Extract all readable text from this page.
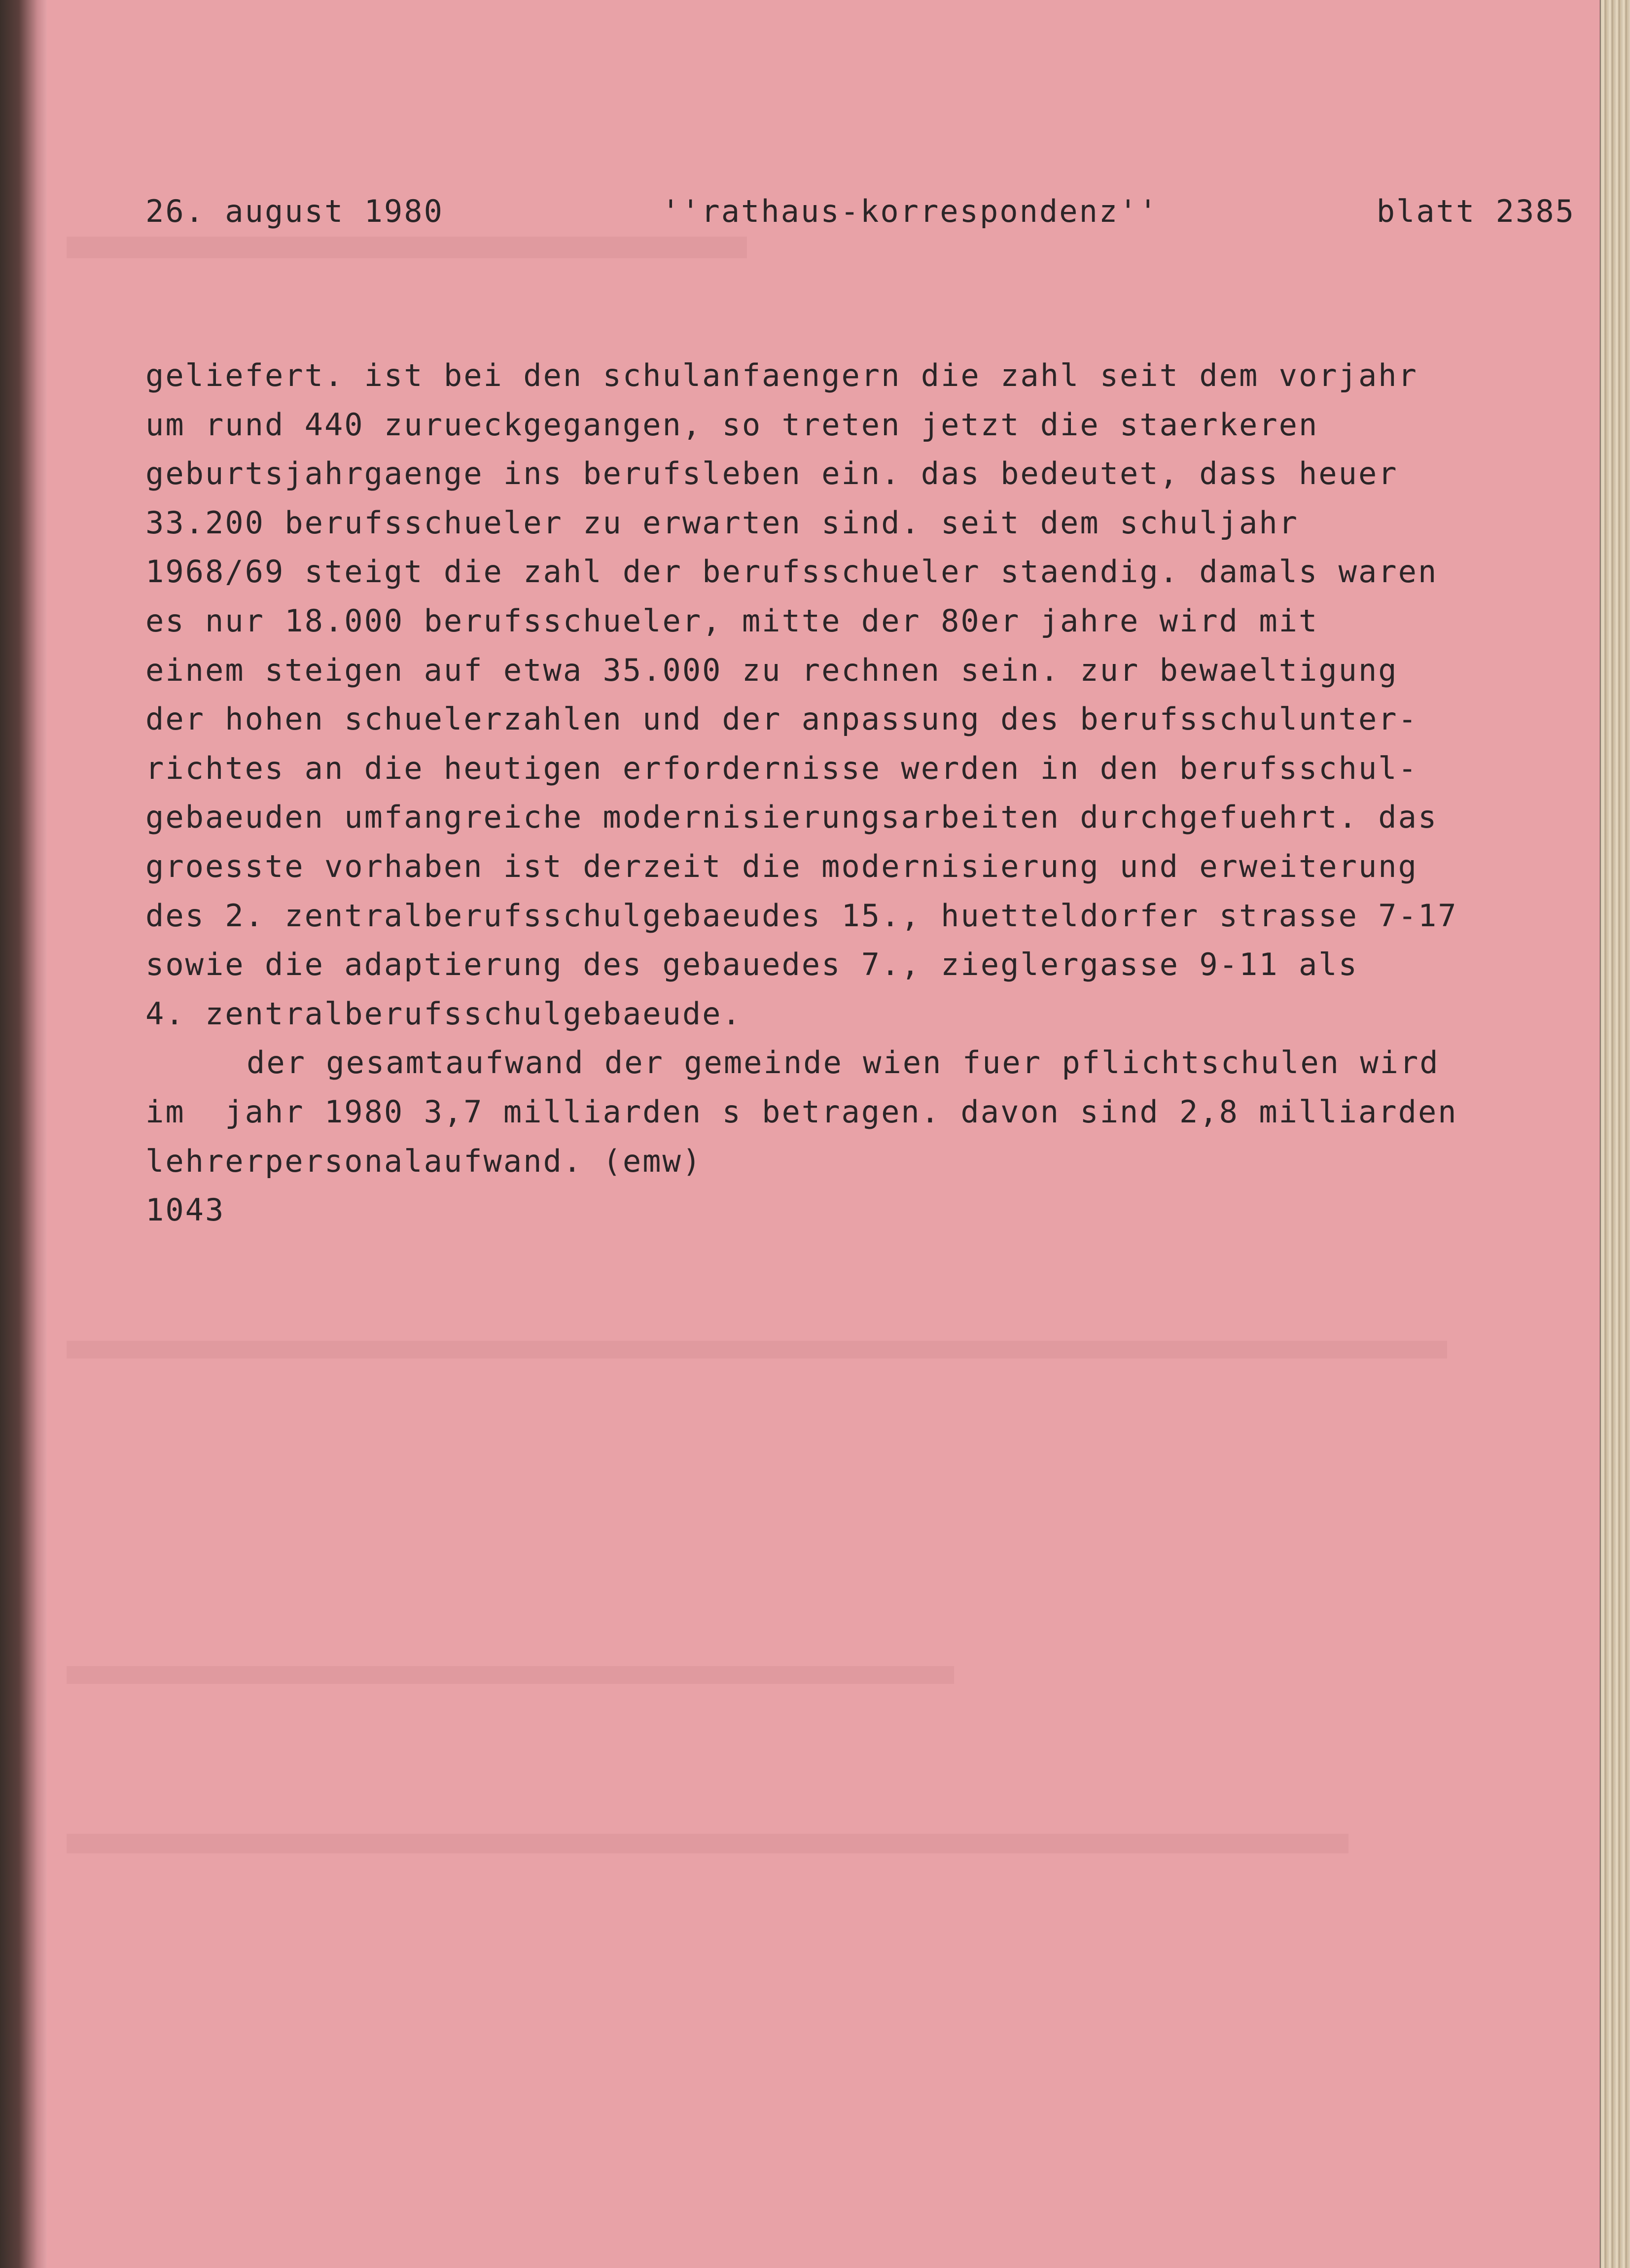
26. august 1980	''rathaus-korrespondenz''	blatt 2385
geliefert. ist bei den schulanfaengern die zahl seit dem vorjahr
um rund 440 zurueckgegangen, so treten jetzt die staerkeren
geburtsjahrgaenge ins berufsleben ein. das bedeutet, dass heuer
33.200 berufsschueler zu erwarten sind. seit dem schuljahr
1968/69 steigt die zahl der berufsschueler staendig. damals waren
es nur 18.000 berufsschueler, mitte der 80er jahre wird mit
einem steigen auf etwa 35.000 zu rechnen sein. zur bewaeltigung
der hohen schuelerzahlen und der anpassung des berufsschulunter-
richtes an die heutigen erfordernisse werden in den berufsschul-
gebaeuden umfangreiche modernisierungsarbeiten durchgefuehrt. das
groesste vorhaben ist derzeit die modernisierung und erweiterung
des 2. zentralberufsschulgebaeudes 15., huetteldorfer strasse 7-17
sowie die adaptierung des gebauedes 7., zieglergasse 9-11 als
4. zentralberufsschulgebaeude.
der gesamtaufwand der gemeinde wien fuer pflichtschulen wird
im  jahr 1980 3,7 milliarden s betragen. davon sind 2,8 milliarden
lehrerpersonalaufwand. (emw)
1043
